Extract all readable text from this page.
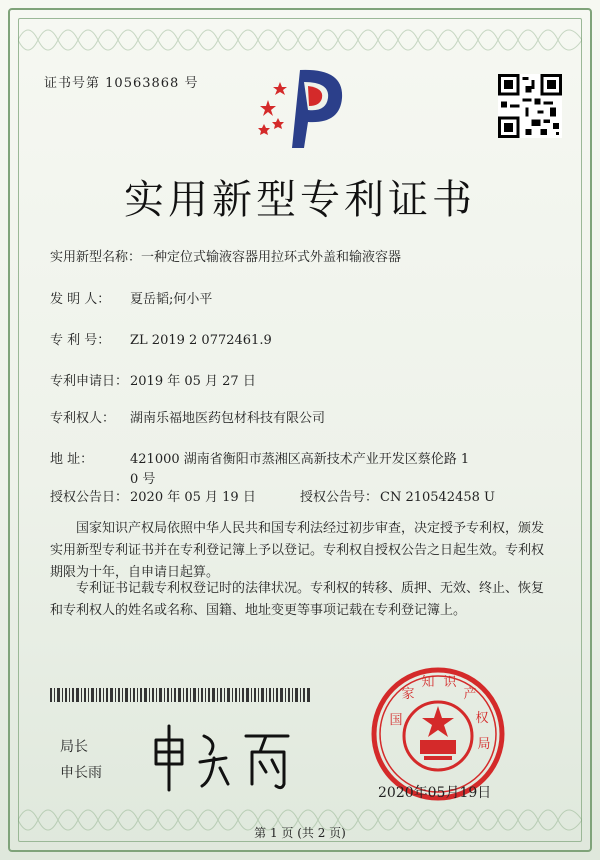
证书号第 10563868 号
实用新型专利证书
实用新型名称：一种定位式输液容器用拉环式外盖和输液容器
发 明 人： 夏岳韬;何小平
专 利 号： ZL 2019 2 0772461.9
专利申请日： 2019 年 05 月 27 日
专利权人： 湖南乐福地医药包材科技有限公司
地 址：	421000 湖南省衡阳市蒸湘区高新技术产业开发区蔡伦路 1 0 号
授权公告日： 2020 年 05 月 19 日	授权公告号： CN 210542458 U
国家知识产权局依照中华人民共和国专利法经过初步审查，决定授予专利权，颁发实用新型专利证书并在专利登记簿上予以登记。专利权自授权公告之日起生效。专利权期限为十年，自申请日起算。
专利证书记载专利权登记时的法律状况。专利权的转移、质押、无效、终止、恢复和专利权人的姓名或名称、国籍、地址变更等事项记载在专利登记簿上。
局长
申长雨
国
家
知 识
产
权
局
2020年05月19日
第 1 页 (共 2 页)
